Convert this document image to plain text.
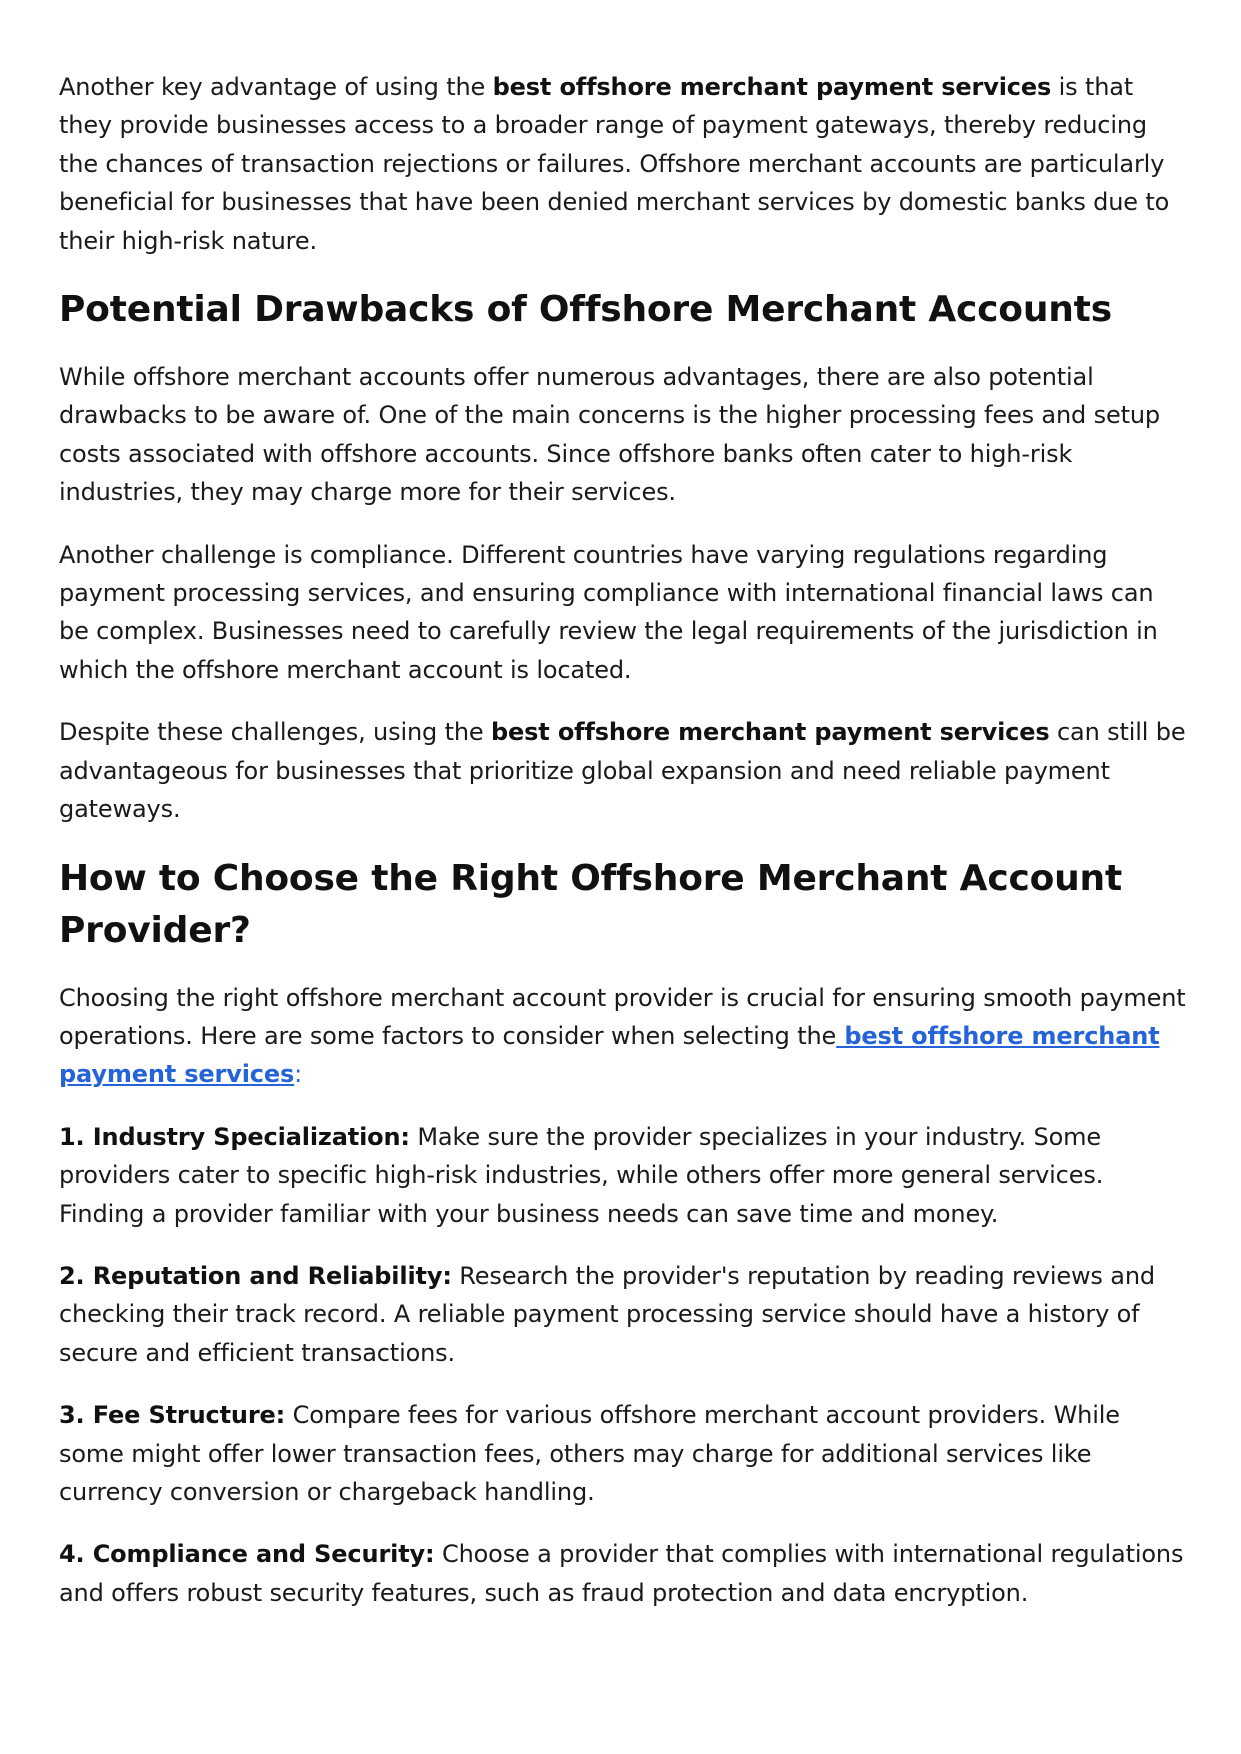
Another key advantage of using the best offshore merchant payment services is that they provide businesses access to a broader range of payment gateways, thereby reducing the chances of transaction rejections or failures. Offshore merchant accounts are particularly beneficial for businesses that have been denied merchant services by domestic banks due to their high-risk nature.

Potential Drawbacks of Offshore Merchant Accounts

While offshore merchant accounts offer numerous advantages, there are also potential drawbacks to be aware of. One of the main concerns is the higher processing fees and setup costs associated with offshore accounts. Since offshore banks often cater to high-risk industries, they may charge more for their services.

Another challenge is compliance. Different countries have varying regulations regarding payment processing services, and ensuring compliance with international financial laws can be complex. Businesses need to carefully review the legal requirements of the jurisdiction in which the offshore merchant account is located.

Despite these challenges, using the best offshore merchant payment services can still be advantageous for businesses that prioritize global expansion and need reliable payment gateways.

How to Choose the Right Offshore Merchant Account Provider?

Choosing the right offshore merchant account provider is crucial for ensuring smooth payment operations. Here are some factors to consider when selecting the best offshore merchant payment services:

1. Industry Specialization: Make sure the provider specializes in your industry. Some providers cater to specific high-risk industries, while others offer more general services. Finding a provider familiar with your business needs can save time and money.

2. Reputation and Reliability: Research the provider's reputation by reading reviews and checking their track record. A reliable payment processing service should have a history of secure and efficient transactions.

3. Fee Structure: Compare fees for various offshore merchant account providers. While some might offer lower transaction fees, others may charge for additional services like currency conversion or chargeback handling.

4. Compliance and Security: Choose a provider that complies with international regulations and offers robust security features, such as fraud protection and data encryption.
